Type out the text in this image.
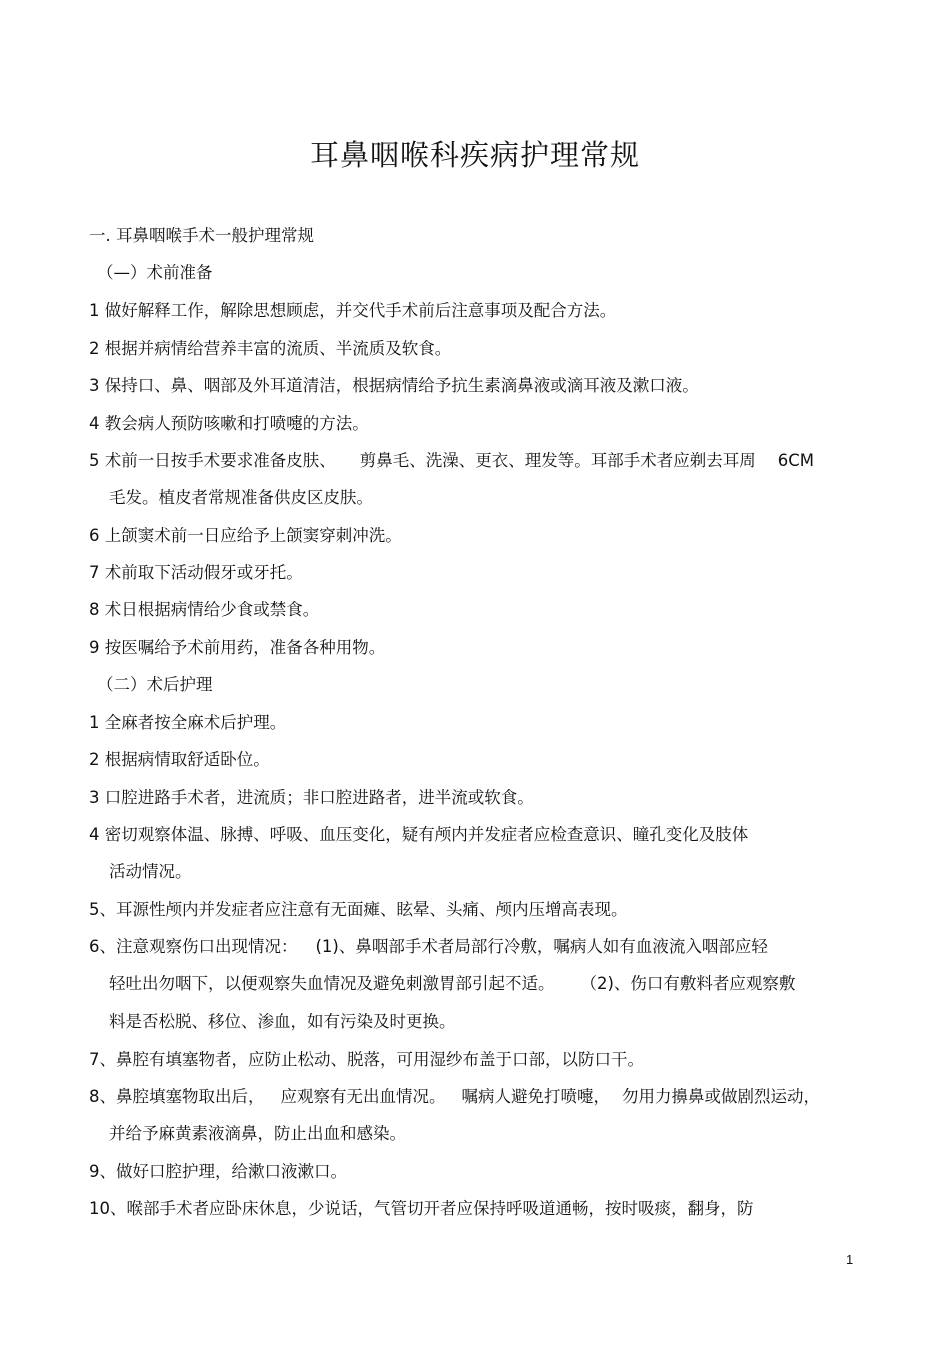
耳鼻咽喉科疾病护理常规
一. 耳鼻咽喉手术一般护理常规
（—）术前准备
1 做好解释工作，解除思想顾虑，并交代手术前后注意事项及配合方法。
2 根据并病情给营养丰富的流质、半流质及软食。
3 保持口、鼻、咽部及外耳道清洁，根据病情给予抗生素滴鼻液或滴耳液及漱口液。
4 教会病人预防咳嗽和打喷嚏的方法。
5 术前一日按手术要求准备皮肤、 剪鼻毛、洗澡、更衣、理发等。耳部手术者应剃去耳周 6CM
毛发。植皮者常规准备供皮区皮肤。
6 上颌窦术前一日应给予上颌窦穿刺冲洗。
7 术前取下活动假牙或牙托。
8 术日根据病情给少食或禁食。
9 按医嘱给予术前用药，准备各种用物。
（二）术后护理
1 全麻者按全麻术后护理。
2 根据病情取舒适卧位。
3 口腔进路手术者，进流质；非口腔进路者，进半流或软食。
4 密切观察体温、脉搏、呼吸、血压变化，疑有颅内并发症者应检查意识、瞳孔变化及肢体
活动情况。
5、耳源性颅内并发症者应注意有无面瘫、眩晕、头痛、颅内压增高表现。
6、注意观察伤口出现情况： (1)、鼻咽部手术者局部行冷敷，嘱病人如有血液流入咽部应轻
轻吐出勿咽下，以便观察失血情况及避免刺激胃部引起不适。 （2)、伤口有敷料者应观察敷
料是否松脱、移位、渗血，如有污染及时更换。
7、鼻腔有填塞物者，应防止松动、脱落，可用湿纱布盖于口部，以防口干。
8、鼻腔填塞物取出后， 应观察有无出血情况。 嘱病人避免打喷嚏， 勿用力擤鼻或做剧烈运动，
并给予麻黄素液滴鼻，防止出血和感染。
9、做好口腔护理，给漱口液漱口。
10、喉部手术者应卧床休息，少说话，气管切开者应保持呼吸道通畅，按时吸痰，翻身，防
1
